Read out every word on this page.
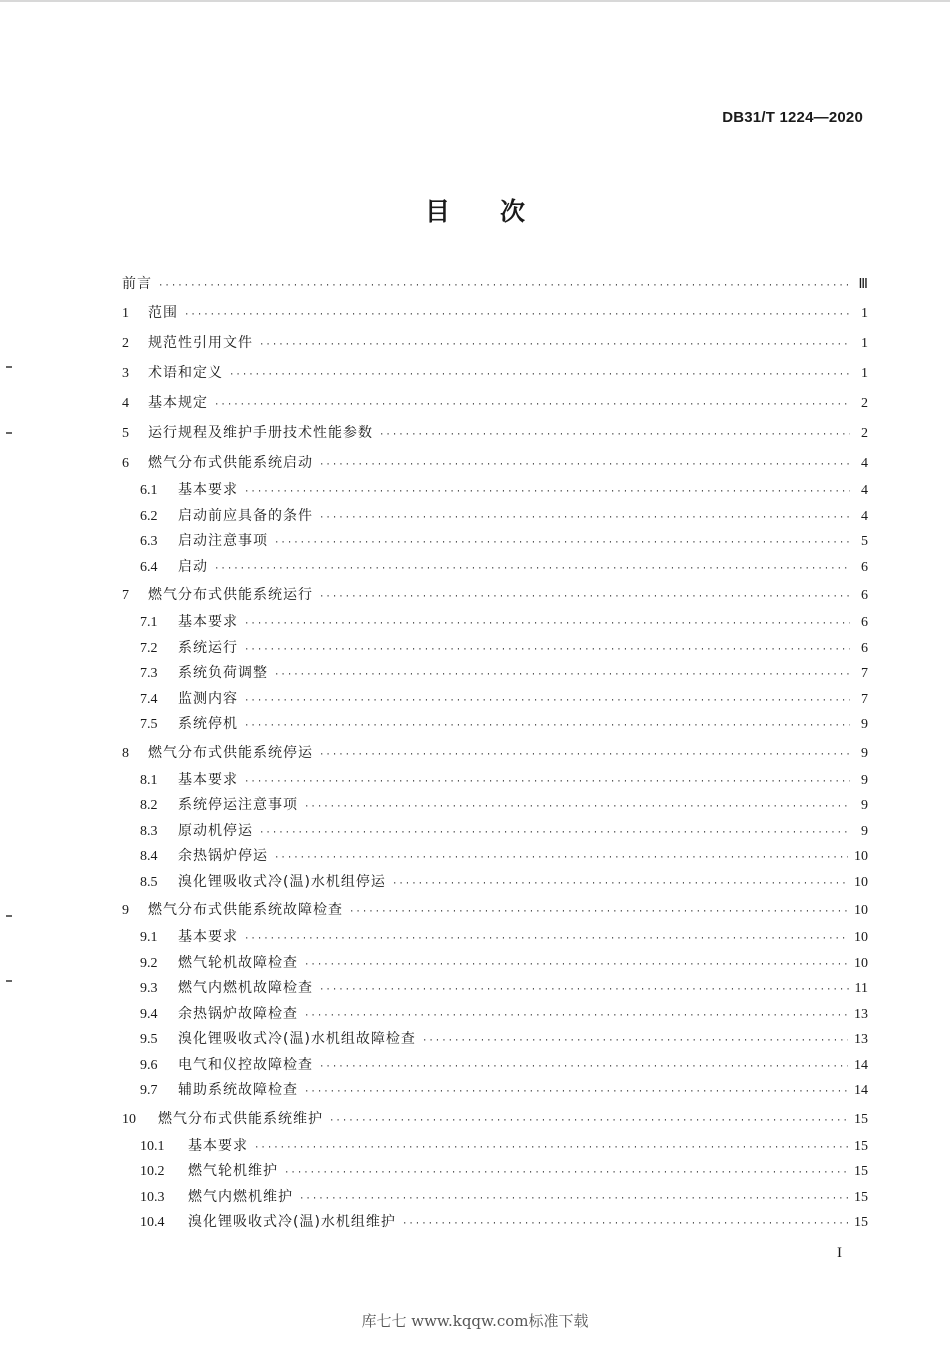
DB31/T 1224—2020
目次
前言 ·····	Ⅲ
1	范围 ·····	1
2	规范性引用文件 ·····	1
3	术语和定义 ·····	1
4	基本规定 ·····	2
5	运行规程及维护手册技术性能参数 ·····	2
6	燃气分布式供能系统启动 ·····	4
6.1	基本要求 ·····	4
6.2	启动前应具备的条件 ·····	4
6.3	启动注意事项 ·····	5
6.4	启动 ·····	6
7	燃气分布式供能系统运行 ·····	6
7.1	基本要求 ·····	6
7.2	系统运行 ·····	6
7.3	系统负荷调整 ·····	7
7.4	监测内容 ·····	7
7.5	系统停机 ·····	9
8	燃气分布式供能系统停运 ·····	9
8.1	基本要求 ·····	9
8.2	系统停运注意事项 ·····	9
8.3	原动机停运 ·····	9
8.4	余热锅炉停运 ·····	10
8.5	溴化锂吸收式冷(温)水机组停运 ·····	10
9	燃气分布式供能系统故障检查 ·····	10
9.1	基本要求 ·····	10
9.2	燃气轮机故障检查 ·····	10
9.3	燃气内燃机故障检查 ·····	11
9.4	余热锅炉故障检查 ·····	13
9.5	溴化锂吸收式冷(温)水机组故障检查 ·····	13
9.6	电气和仪控故障检查 ·····	14
9.7	辅助系统故障检查 ·····	14
10	燃气分布式供能系统维护 ·····	15
10.1	基本要求 ·····	15
10.2	燃气轮机维护 ·····	15
10.3	燃气内燃机维护 ·····	15
10.4	溴化锂吸收式冷(温)水机组维护 ·····	15
I
库七七 www.kqqw.com标准下载
